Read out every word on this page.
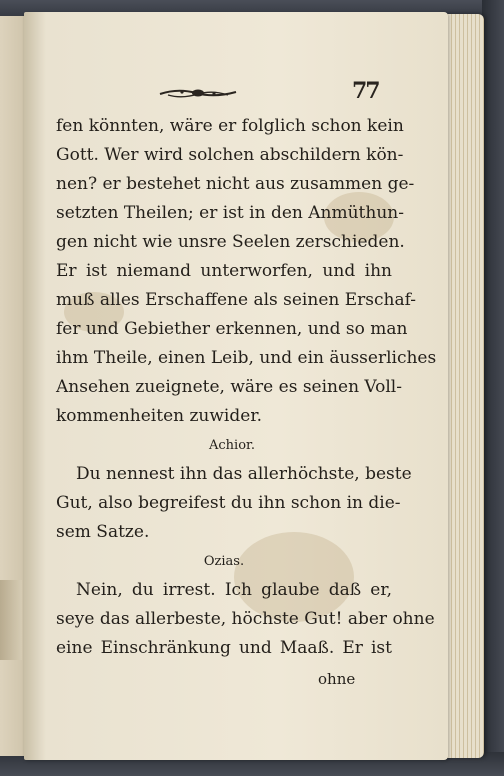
77
fen könnten, wäre er folglich schon kein
Gott. Wer wird solchen abschildern kön-
nen? er bestehet nicht aus zusammen ge-
setzten Theilen; er ist in den Anmüthun-
gen nicht wie unsre Seelen zerschieden.
Er ist niemand unterworfen, und ihn
muß alles Erschaffene als seinen Erschaf-
fer und Gebiether erkennen, und so man
ihm Theile, einen Leib, und ein äusserliches
Ansehen zueignete, wäre es seinen Voll-
kommenheiten zuwider.
Achior.
Du nennest ihn das allerhöchste, beste
Gut, also begreifest du ihn schon in die-
sem Satze.
Ozias.
Nein, du irrest. Ich glaube daß er,
seye das allerbeste, höchste Gut! aber ohne
eine Einschränkung und Maaß. Er ist
ohne
